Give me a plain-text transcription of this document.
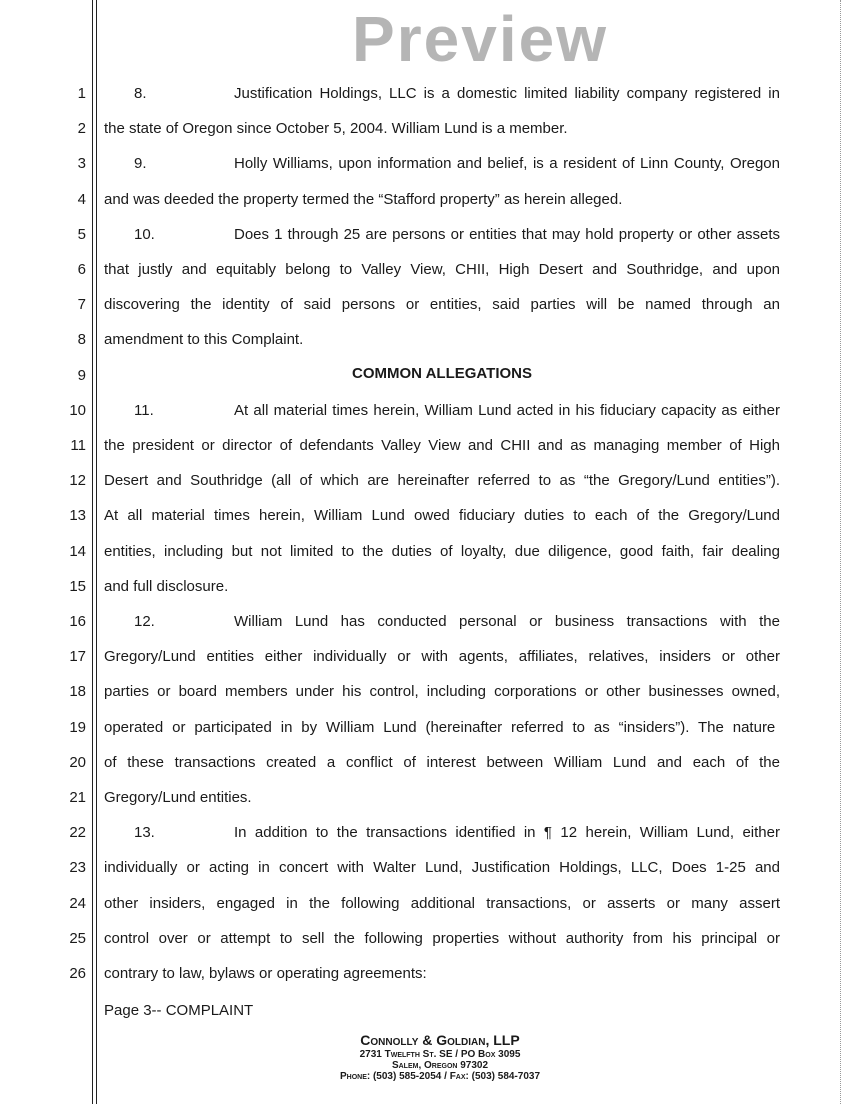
Preview
1	8.	Justification Holdings, LLC is a domestic limited liability company registered in
2 the state of Oregon since October 5, 2004. William Lund is a member.
3	9.	Holly Williams, upon information and belief, is a resident of Linn County, Oregon
4 and was deeded the property termed the “Stafford property” as herein alleged.
5	10.	Does 1 through 25 are persons or entities that may hold property or other assets
6 that justly and equitably belong to Valley View, CHII, High Desert and Southridge, and upon
7 discovering the identity of said persons or entities, said parties will be named through an
8 amendment to this Complaint.
9
10	11.	At all material times herein, William Lund acted in his fiduciary capacity as either
11 the president or director of defendants Valley View and CHII and as managing member of High
12 Desert and Southridge (all of which are hereinafter referred to as “the Gregory/Lund entities”).
13 At all material times herein, William Lund owed fiduciary duties to each of the Gregory/Lund
14 entities, including but not limited to the duties of loyalty, due diligence, good faith, fair dealing
15 and full disclosure.
16	12.	William Lund has conducted personal or business transactions with the
17 Gregory/Lund entities either individually or with agents, affiliates, relatives, insiders or other
18 parties or board members under his control, including corporations or other businesses owned,
19 operated or participated in by William Lund (hereinafter referred to as “insiders”). The nature
20 of these transactions created a conflict of interest between William Lund and each of the
21 Gregory/Lund entities.
22	13.	In addition to the transactions identified in ¶ 12 herein, William Lund, either
23 individually or acting in concert with Walter Lund, Justification Holdings, LLC, Does 1-25 and
24 other insiders, engaged in the following additional transactions, or asserts or many assert
25 control over or attempt to sell the following properties without authority from his principal or
26 contrary to law, bylaws or operating agreements:
COMMON ALLEGATIONS
Page 3-- COMPLAINT
Connolly & Goldian, LLP
2731 Twelfth St. SE / PO Box 3095
Salem, Oregon 97302
Phone: (503) 585-2054 / Fax: (503) 584-7037
